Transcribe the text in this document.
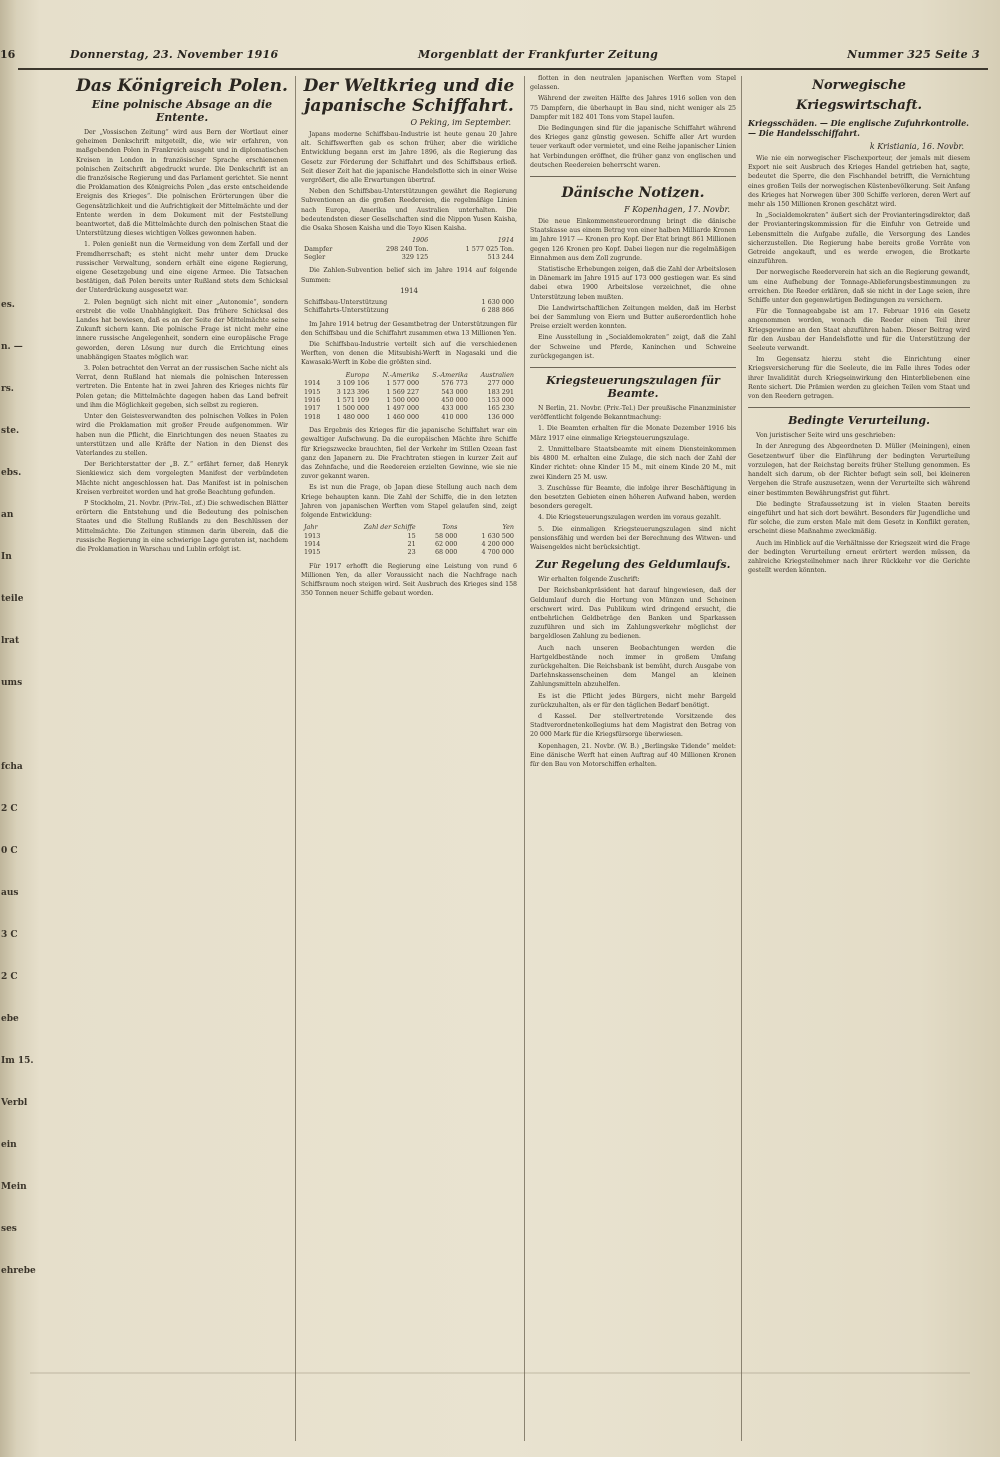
es.
n. —
rs.
ste.
ebs.
an
In
teile
lrat
ums
fcha
2 C
0 C
aus
3 C
2 C
ebe
Im 15.
Verbl
ein
Mein
ses
ehrebe
16	Donnerstag, 23. November 1916	Morgenblatt der Frankfurter Zeitung	Nummer 325 Seite 3
Das Königreich Polen.
Eine polnische Absage an die Entente.

Der „Vossischen Zeitung“ wird aus Bern der Wortlaut einer geheimen Denkschrift mitgeteilt, die, wie wir erfahren, von maßgebenden Polen in Frankreich ausgeht und in diplomatischen Kreisen in London in französischer Sprache erschienenen polnischen Zeitschrift abgedruckt wurde. Die Denkschrift ist an die französische Regierung und das Parlament gerichtet. Sie nennt die Proklamation des Königreichs Polen „das erste entscheidende Ereignis des Krieges“. Die polnischen Erörterungen über die Gegensätzlichkeit und die Aufrichtigkeit der Mittelmächte und der Entente werden in dem Dokument mit der Feststellung beantwortet, daß die Mittelmächte durch den polnischen Staat die Unterstützung dieses wichtigen Volkes gewonnen haben.

1. Polen genießt nun die Vermeidung von dem Zerfall und der Fremdherrschaft; es steht nicht mehr unter dem Drucke russischer Verwaltung, sondern erhält eine eigene Regierung, eigene Gesetzgebung und eine eigene Armee. Die Tatsachen bestätigen, daß Polen bereits unter Rußland stets dem Schicksal der Unterdrückung ausgesetzt war.

2. Polen begnügt sich nicht mit einer „Autonomie“, sondern erstrebt die volle Unabhängigkeit. Das frühere Schicksal des Landes hat bewiesen, daß es an der Seite der Mittelmächte seine Zukunft sichern kann. Die polnische Frage ist nicht mehr eine innere russische Angelegenheit, sondern eine europäische Frage geworden, deren Lösung nur durch die Errichtung eines unabhängigen Staates möglich war.

3. Polen betrachtet den Verrat an der russischen Sache nicht als Verrat, denn Rußland hat niemals die polnischen Interessen vertreten. Die Entente hat in zwei Jahren des Krieges nichts für Polen getan; die Mittelmächte dagegen haben das Land befreit und ihm die Möglichkeit gegeben, sich selbst zu regieren.

Unter den Geistesverwandten des polnischen Volkes in Polen wird die Proklamation mit großer Freude aufgenommen. Wir haben nun die Pflicht, die Einrichtungen des neuen Staates zu unterstützen und alle Kräfte der Nation in den Dienst des Vaterlandes zu stellen.

Der Berichterstatter der „B. Z.“ erfährt ferner, daß Henryk Sienkiewicz sich dem vorgelegten Manifest der verbündeten Mächte nicht angeschlossen hat. Das Manifest ist in polnischen Kreisen verbreitet worden und hat große Beachtung gefunden.

P Stockholm, 21. Novbr. (Priv.-Tel., zf.) Die schwedischen Blätter erörtern die Entstehung und die Bedeutung des polnischen Staates und die Stellung Rußlands zu den Beschlüssen der Mittelmächte. Die Zeitungen stimmen darin überein, daß die russische Regierung in eine schwierige Lage geraten ist, nachdem die Proklamation in Warschau und Lublin erfolgt ist.

Der Weltkrieg und die japanische Schiffahrt.
O Peking, im September.

Japans moderne Schiffsbau-Industrie ist heute genau 20 Jahre alt. Schiffswerften gab es schon früher, aber die wirkliche Entwicklung begann erst im Jahre 1896, als die Regierung das Gesetz zur Förderung der Schiffahrt und des Schiffsbaus erließ. Seit dieser Zeit hat die japanische Handelsflotte sich in einer Weise vergrößert, die alle Erwartungen übertraf.

Neben den Schiffsbau-Unterstützungen gewährt die Regierung Subventionen an die großen Reedereien, die regelmäßige Linien nach Europa, Amerika und Australien unterhalten. Die bedeutendsten dieser Gesellschaften sind die Nippon Yusen Kaisha, die Osaka Shosen Kaisha und die Toyo Kisen Kaisha.

	1906	1914
Dampfer	298 240 Ton.	1 577 025 Ton.
Segler	329 125	513 244

Die Zahlen-Subvention belief sich im Jahre 1914 auf folgende Summen:

1914
Schiffsbau-Unterstützung	1 630 000
Schiffahrts-Unterstützung	6 288 866

Im Jahre 1914 betrug der Gesamtbetrag der Unterstützungen für den Schiffsbau und die Schiffahrt zusammen etwa 13 Millionen Yen.

Die Schiffsbau-Industrie verteilt sich auf die verschiedenen Werften, von denen die Mitsubishi-Werft in Nagasaki und die Kawasaki-Werft in Kobe die größten sind.

	Europa	N.-Amerika	S.-Amerika	Australien
1914	3 109 106	1 577 000	576 773	277 000
1915	3 123 396	1 569 227	543 000	183 291
1916	1 571 109	1 500 000	450 000	153 000
1917	1 500 000	1 497 000	433 000	165 230
1918	1 480 000	1 460 000	410 000	136 000

Das Ergebnis des Krieges für die japanische Schiffahrt war ein gewaltiger Aufschwung. Da die europäischen Mächte ihre Schiffe für Kriegszwecke brauchten, fiel der Verkehr im Stillen Ozean fast ganz den Japanern zu. Die Frachtraten stiegen in kurzer Zeit auf das Zehnfache, und die Reedereien erzielten Gewinne, wie sie nie zuvor gekannt waren.

Es ist nun die Frage, ob Japan diese Stellung auch nach dem Kriege behaupten kann. Die Zahl der Schiffe, die in den letzten Jahren von japanischen Werften vom Stapel gelaufen sind, zeigt folgende Entwicklung:

Jahr	Zahl der Schiffe	Tons	Yen
1913	15	58 000	1 630 500
1914	21	62 000	4 200 000
1915	23	68 000	4 700 000

Für 1917 erhofft die Regierung eine Leistung von rund 6 Millionen Yen, da aller Voraussicht nach die Nachfrage nach Schiffsraum noch steigen wird. Seit Ausbruch des Krieges sind 158 350 Tonnen neuer Schiffe gebaut worden.

flotten in den neutralen japanischen Werften vom Stapel gelassen.

Während der zweiten Hälfte des Jahres 1916 sollen von den 75 Dampfern, die überhaupt in Bau sind, nicht weniger als 25 Dampfer mit 182 401 Tons vom Stapel laufen.

Die Bedingungen sind für die japanische Schiffahrt während des Krieges ganz günstig gewesen. Schiffe aller Art wurden teuer verkauft oder vermietet, und eine Reihe japanischer Linien hat Verbindungen eröffnet, die früher ganz von englischen und deutschen Reedereien beherrscht waren.

Dänische Notizen.
F Kopenhagen, 17. Novbr.

Die neue Einkommensteuerordnung bringt die dänische Staatskasse aus einem Betrag von einer halben Milliarde Kronen im Jahre 1917 — Kronen pro Kopf. Der Etat bringt 861 Millionen gegen 126 Kronen pro Kopf. Dabei liegen nur die regelmäßigen Einnahmen aus dem Zoll zugrunde.

Statistische Erhebungen zeigen, daß die Zahl der Arbeitslosen in Dänemark im Jahre 1915 auf 173 000 gestiegen war. Es sind dabei etwa 1900 Arbeitslose verzeichnet, die ohne Unterstützung leben mußten.

Die Landwirtschaftlichen Zeitungen melden, daß im Herbst bei der Sammlung von Eiern und Butter außerordentlich hohe Preise erzielt werden konnten.

Eine Ausstellung in „Socialdemokraten“ zeigt, daß die Zahl der Schweine und Pferde, Kaninchen und Schweine zurückgegangen ist.

Kriegsteuerungszulagen für Beamte.

N Berlin, 21. Novbr. (Priv.-Tel.) Der preußische Finanzminister veröffentlicht folgende Bekanntmachung:

1. Die Beamten erhalten für die Monate Dezember 1916 bis März 1917 eine einmalige Kriegsteuerungszulage.

2. Unmittelbare Staatsbeamte mit einem Diensteinkommen bis 4800 M. erhalten eine Zulage, die sich nach der Zahl der Kinder richtet: ohne Kinder 15 M., mit einem Kinde 20 M., mit zwei Kindern 25 M. usw.

3. Zuschüsse für Beamte, die infolge ihrer Beschäftigung in den besetzten Gebieten einen höheren Aufwand haben, werden besonders geregelt.

4. Die Kriegsteuerungszulagen werden im voraus gezahlt.

5. Die einmaligen Kriegsteuerungszulagen sind nicht pensionsfähig und werden bei der Berechnung des Witwen- und Waisengeldes nicht berücksichtigt.

Zur Regelung des Geldumlaufs.

Wir erhalten folgende Zuschrift:

Der Reichsbankpräsident hat darauf hingewiesen, daß der Geldumlauf durch die Hortung von Münzen und Scheinen erschwert wird. Das Publikum wird dringend ersucht, die entbehrlichen Geldbeträge den Banken und Sparkassen zuzuführen und sich im Zahlungsverkehr möglichst der bargeldlosen Zahlung zu bedienen.

Auch nach unseren Beobachtungen werden die Hartgeldbestände noch immer in großem Umfang zurückgehalten. Die Reichsbank ist bemüht, durch Ausgabe von Darlehnskassenscheinen dem Mangel an kleinen Zahlungsmitteln abzuhelfen.

Es ist die Pflicht jedes Bürgers, nicht mehr Bargeld zurückzuhalten, als er für den täglichen Bedarf benötigt.

d Kassel. Der stellvertretende Vorsitzende des Stadtverordnetenkollegiums hat dem Magistrat den Betrag von 20 000 Mark für die Kriegsfürsorge überwiesen.

Kopenhagen, 21. Novbr. (W. B.) „Berlingske Tidende“ meldet: Eine dänische Werft hat einen Auftrag auf 40 Millionen Kronen für den Bau von Motorschiffen erhalten.

Norwegische Kriegswirtschaft.
Kriegsschäden. — Die englische Zufuhrkontrolle. — Die Handelsschiffahrt.
k Kristiania, 16. Novbr.

Wie nie ein norwegischer Fischexporteur, der jemals mit diesem Export nie seit Ausbruch des Krieges Handel getrieben hat, sagte, bedeutet die Sperre, die den Fischhandel betrifft, die Vernichtung eines großen Teils der norwegischen Küstenbevölkerung. Seit Anfang des Krieges hat Norwegen über 300 Schiffe verloren, deren Wert auf mehr als 150 Millionen Kronen geschätzt wird.

In „Socialdemokraten“ äußert sich der Provianteringsdirektor, daß der Provianteringskommission für die Einfuhr von Getreide und Lebensmitteln die Aufgabe zufalle, die Versorgung des Landes sicherzustellen. Die Regierung habe bereits große Vorräte von Getreide angekauft, und es werde erwogen, die Brotkarte einzuführen.

Der norwegische Reederverein hat sich an die Regierung gewandt, um eine Aufhebung der Tonnage-Ablieferungsbestimmungen zu erreichen. Die Reeder erklären, daß sie nicht in der Lage seien, ihre Schiffe unter den gegenwärtigen Bedingungen zu versichern.

Für die Tonnageabgabe ist am 17. Februar 1916 ein Gesetz angenommen worden, wonach die Reeder einen Teil ihrer Kriegsgewinne an den Staat abzuführen haben. Dieser Beitrag wird für den Ausbau der Handelsflotte und für die Unterstützung der Seeleute verwandt.

Im Gegensatz hierzu steht die Einrichtung einer Kriegsversicherung für die Seeleute, die im Falle ihres Todes oder ihrer Invalidität durch Kriegseinwirkung den Hinterbliebenen eine Rente sichert. Die Prämien werden zu gleichen Teilen vom Staat und von den Reedern getragen.

Bedingte Verurteilung.

Von juristischer Seite wird uns geschrieben:

In der Anregung des Abgeordneten D. Müller (Meiningen), einen Gesetzentwurf über die Einführung der bedingten Verurteilung vorzulegen, hat der Reichstag bereits früher Stellung genommen. Es handelt sich darum, ob der Richter befugt sein soll, bei kleineren Vergehen die Strafe auszusetzen, wenn der Verurteilte sich während einer bestimmten Bewährungsfrist gut führt.

Die bedingte Strafaussetzung ist in vielen Staaten bereits eingeführt und hat sich dort bewährt. Besonders für Jugendliche und für solche, die zum ersten Male mit dem Gesetz in Konflikt geraten, erscheint diese Maßnahme zweckmäßig.

Auch im Hinblick auf die Verhältnisse der Kriegszeit wird die Frage der bedingten Verurteilung erneut erörtert werden müssen, da zahlreiche Kriegsteilnehmer nach ihrer Rückkehr vor die Gerichte gestellt werden könnten.
